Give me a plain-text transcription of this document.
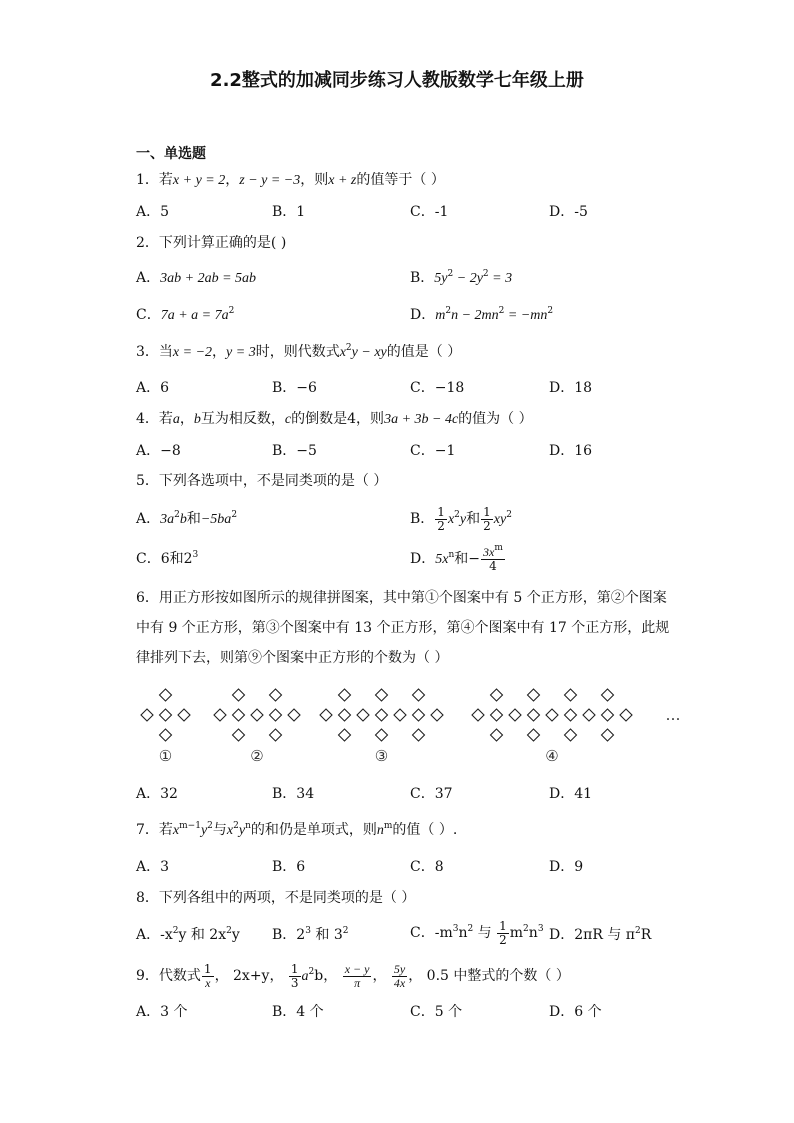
2.2整式的加减同步练习人教版数学七年级上册
一、单选题
1．若x + y = 2，z − y = −3，则x + z的值等于（ ）
A．5	B．1	C．-1	D．-5
2．下列计算正确的是( )
A．3ab + 2ab = 5ab	B．$5y^2 - 2y^2 = 3$
C．$7a + a = 7a^2$	D．$m^2n - 2mn^2 = -mn^2$
3．当x = −2，y = 3时，则代数式$x^2y$ − xy的值是（ ）
A．6	B．−6	C．−18	D．18
4．若a，b互为相反数，c的倒数是4，则3a + 3b − 4c的值为（ ）
A．−8	B．−5	C．−1	D．16
5．下列各选项中，不是同类项的是（ ）
A．$3a^2b$和$-5ba^2$	B． $\frac{1}{2} x^2y$和 $\frac{1}{2} xy^2$
C．6和$2^3$	D．$5x^n$和− $\frac{3x^m}{4}$
6．用正方形按如图所示的规律拼图案，其中第①个图案中有 5 个正方形，第②个图案
中有 9 个正方形，第③个图案中有 13 个正方形，第④个图案中有 17 个正方形，此规
律排列下去，则第⑨个图案中正方形的个数为（ ）
①	②	③	④
…
A．32	B．34	C．37	D．41
7．若$x^{m-1}y^2$与$x^2y^n$的和仍是单项式，则$n^m$的值（ ）.
A．3	B．6	C．8	D．9
8．下列各组中的两项，不是同类项的是（ ）
A．$-x^2y$ 和 $2x^2y$ B．$2^3$ 和 $3^2$	C．$-m^3n^2$ 与 $\frac{1}{2} m^2n^3$ D．2πR 与 $\pi^2R$
9．代数式 $\frac{1}{x}$ ， 2x+y， $\frac{1}{3} a^2b$， $\frac{x - y}{\pi}$ ， $\frac{5y}{4x}$ ， 0.5 中整式的个数（ ）
A．3 个	B．4 个	C．5 个	D．6 个
